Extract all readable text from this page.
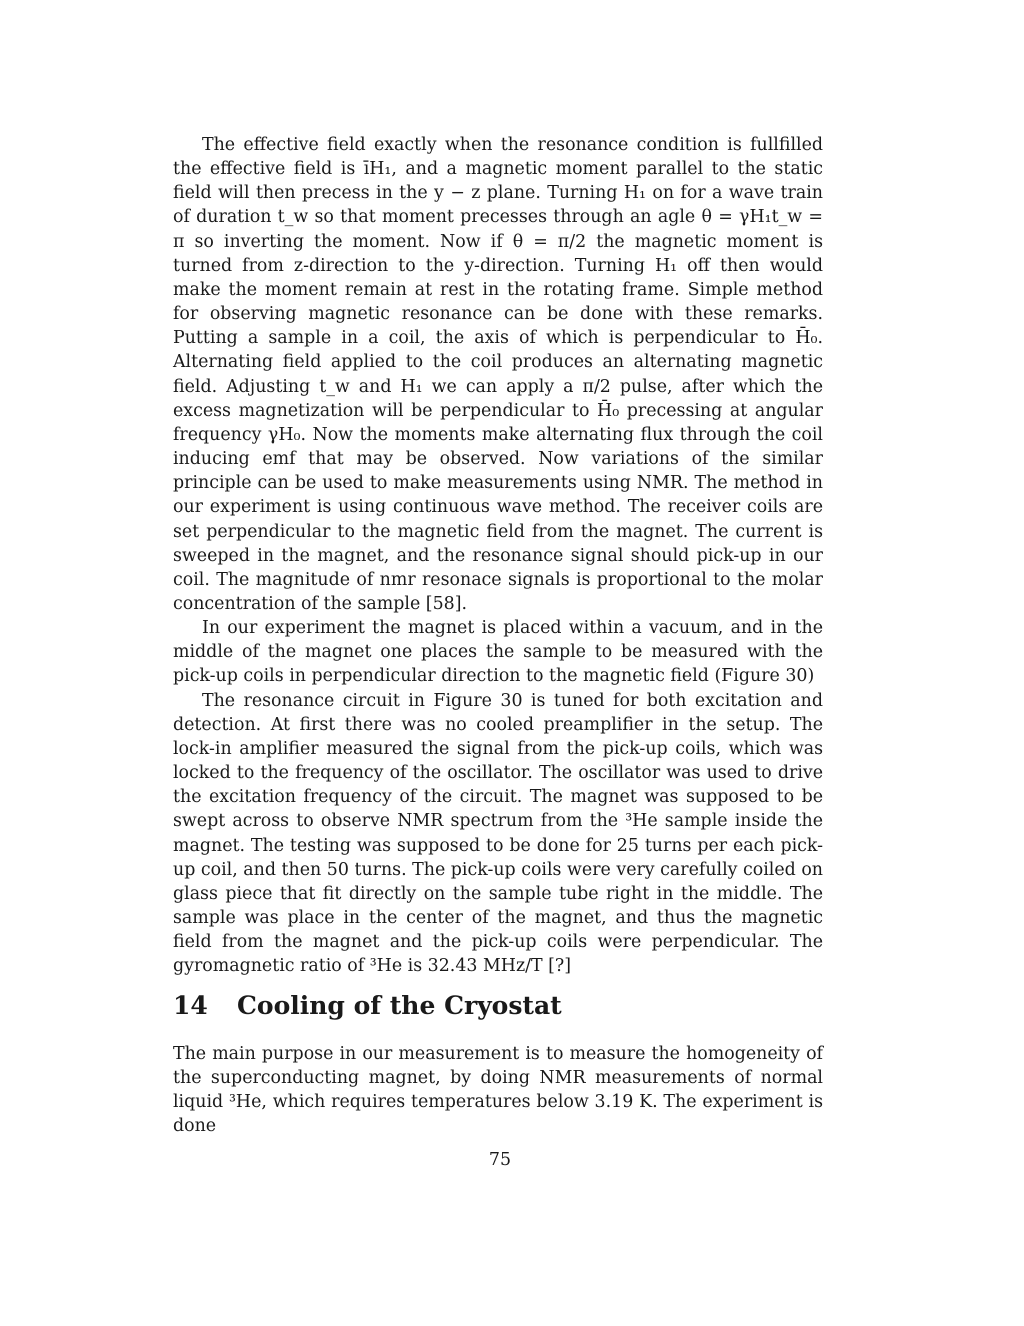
The effective field exactly when the resonance condition is fullfilled the effective field is īH₁, and a magnetic moment parallel to the static field will then precess in the y − z plane. Turning H₁ on for a wave train of duration t_w so that moment precesses through an agle θ = γH₁t_w = π so inverting the moment. Now if θ = π/2 the magnetic moment is turned from z-direction to the y-direction. Turning H₁ off then would make the moment remain at rest in the rotating frame. Simple method for observing magnetic resonance can be done with these remarks. Putting a sample in a coil, the axis of which is perpendicular to H̄₀. Alternating field applied to the coil produces an alternating magnetic field. Adjusting t_w and H₁ we can apply a π/2 pulse, after which the excess magnetization will be perpendicular to H̄₀ precessing at angular frequency γH₀. Now the moments make alternating flux through the coil inducing emf that may be observed. Now variations of the similar principle can be used to make measurements using NMR. The method in our experiment is using continuous wave method. The receiver coils are set perpendicular to the magnetic field from the magnet. The current is sweeped in the magnet, and the resonance signal should pick-up in our coil. The magnitude of nmr resonace signals is proportional to the molar concentration of the sample [58].

In our experiment the magnet is placed within a vacuum, and in the middle of the magnet one places the sample to be measured with the pick-up coils in perpendicular direction to the magnetic field (Figure 30)

The resonance circuit in Figure 30 is tuned for both excitation and detection. At first there was no cooled preamplifier in the setup. The lock-in amplifier measured the signal from the pick-up coils, which was locked to the frequency of the oscillator. The oscillator was used to drive the excitation frequency of the circuit. The magnet was supposed to be swept across to observe NMR spectrum from the ³He sample inside the magnet. The testing was supposed to be done for 25 turns per each pick-up coil, and then 50 turns. The pick-up coils were very carefully coiled on glass piece that fit directly on the sample tube right in the middle. The sample was place in the center of the magnet, and thus the magnetic field from the magnet and the pick-up coils were perpendicular. The gyromagnetic ratio of ³He is 32.43 MHz/T [?]

14 Cooling of the Cryostat

The main purpose in our measurement is to measure the homogeneity of the superconducting magnet, by doing NMR measurements of normal liquid ³He, which requires temperatures below 3.19 K. The experiment is done

75
